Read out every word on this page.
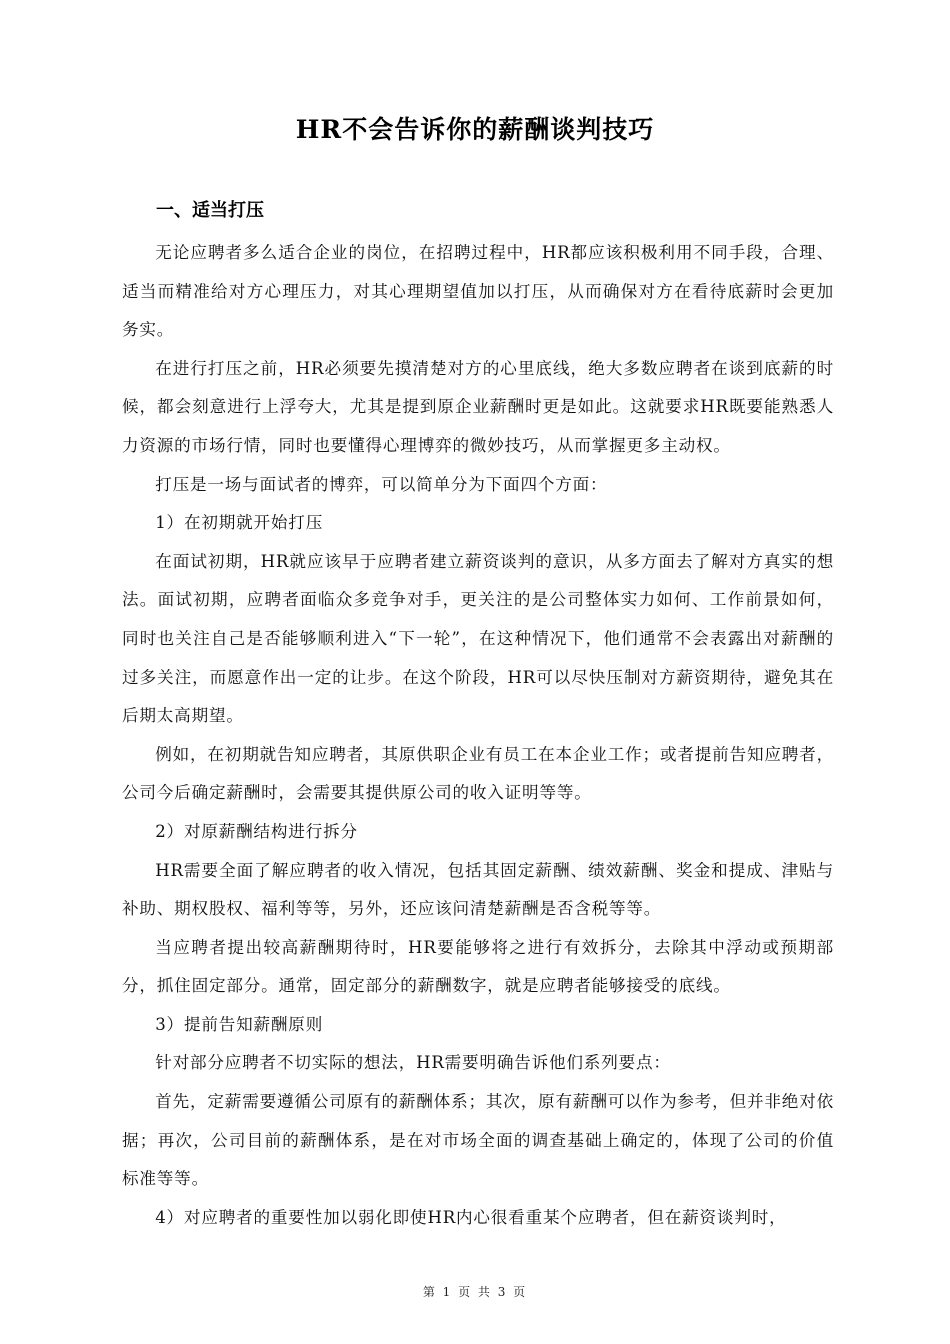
HR不会告诉你的薪酬谈判技巧
一、适当打压

无论应聘者多么适合企业的岗位，在招聘过程中，HR都应该积极利用不同手段，合理、适当而精准给对方心理压力，对其心理期望值加以打压，从而确保对方在看待底薪时会更加务实。

在进行打压之前，HR必须要先摸清楚对方的心里底线，绝大多数应聘者在谈到底薪的时候，都会刻意进行上浮夸大，尤其是提到原企业薪酬时更是如此。这就要求HR既要能熟悉人力资源的市场行情，同时也要懂得心理博弈的微妙技巧，从而掌握更多主动权。

打压是一场与面试者的博弈，可以简单分为下面四个方面：

1）在初期就开始打压

在面试初期，HR就应该早于应聘者建立薪资谈判的意识，从多方面去了解对方真实的想法。面试初期，应聘者面临众多竞争对手，更关注的是公司整体实力如何、工作前景如何，同时也关注自己是否能够顺利进入“下一轮”，在这种情况下，他们通常不会表露出对薪酬的过多关注，而愿意作出一定的让步。在这个阶段，HR可以尽快压制对方薪资期待，避免其在后期太高期望。

例如，在初期就告知应聘者，其原供职企业有员工在本企业工作；或者提前告知应聘者，公司今后确定薪酬时，会需要其提供原公司的收入证明等等。

2）对原薪酬结构进行拆分

HR需要全面了解应聘者的收入情况，包括其固定薪酬、绩效薪酬、奖金和提成、津贴与补助、期权股权、福利等等，另外，还应该问清楚薪酬是否含税等等。

当应聘者提出较高薪酬期待时，HR要能够将之进行有效拆分，去除其中浮动或预期部分，抓住固定部分。通常，固定部分的薪酬数字，就是应聘者能够接受的底线。

3）提前告知薪酬原则

针对部分应聘者不切实际的想法，HR需要明确告诉他们系列要点：

首先，定薪需要遵循公司原有的薪酬体系；其次，原有薪酬可以作为参考，但并非绝对依据；再次，公司目前的薪酬体系，是在对市场全面的调查基础上确定的，体现了公司的价值标准等等。

4）对应聘者的重要性加以弱化即使HR内心很看重某个应聘者，但在薪资谈判时，

第 1 页 共 3 页
